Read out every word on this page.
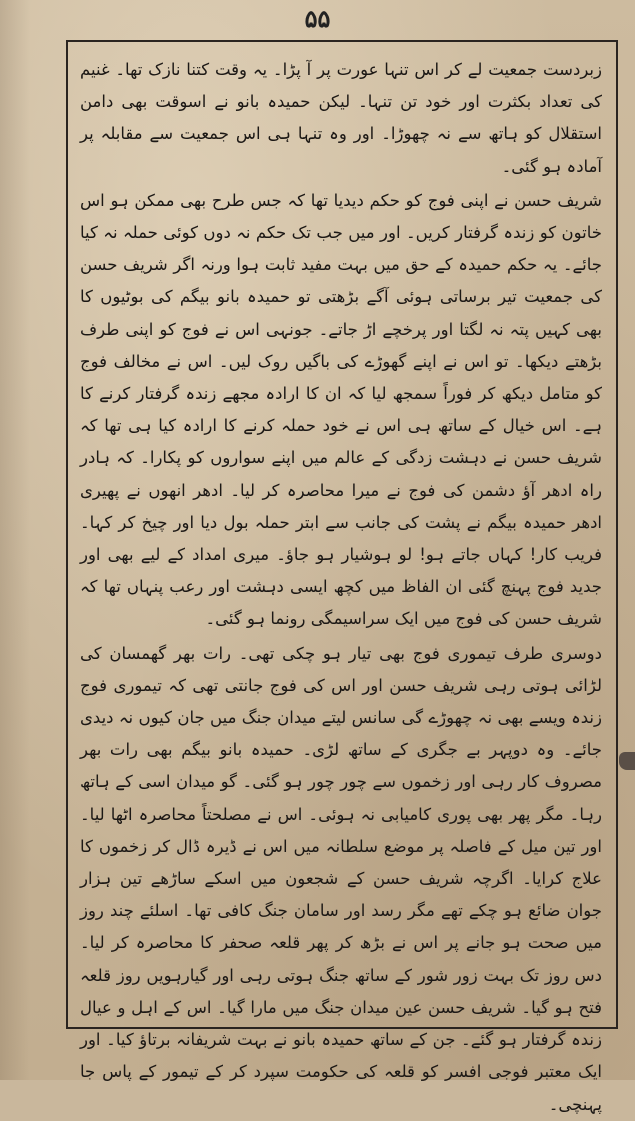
۵۵

زبردست جمعیت لے کر اس تنہا عورت پر آ پڑا۔ یہ وقت کتنا نازک تھا۔ غنیم کی تعداد بکثرت اور خود تن تنہا۔ لیکن حمیدہ بانو نے اسوقت بھی دامن استقلال کو ہاتھ سے نہ چھوڑا۔ اور وہ تنہا ہی اس جمعیت سے مقابلہ پر آمادہ ہو گئی۔

شریف حسن نے اپنی فوج کو حکم دیدیا تھا کہ جس طرح بھی ممکن ہو اس خاتون کو زندہ گرفتار کریں۔ اور میں جب تک حکم نہ دوں کوئی حملہ نہ کیا جائے۔ یہ حکم حمیدہ کے حق میں بہت مفید ثابت ہوا ورنہ اگر شریف حسن کی جمعیت تیر برساتی ہوئی آگے بڑھتی تو حمیدہ بانو بیگم کی بوٹیوں کا بھی کہیں پتہ نہ لگتا اور پرخچے اڑ جاتے۔ جونہی اس نے فوج کو اپنی طرف بڑھتے دیکھا۔ تو اس نے اپنے گھوڑے کی باگیں روک لیں۔ اس نے مخالف فوج کو متامل دیکھ کر فوراً سمجھ لیا کہ ان کا ارادہ مجھے زندہ گرفتار کرنے کا ہے۔ اس خیال کے ساتھ ہی اس نے خود حملہ کرنے کا ارادہ کیا ہی تھا کہ شریف حسن نے دہشت زدگی کے عالم میں اپنے سواروں کو پکارا۔ کہ ہادر راہ ادھر آؤ دشمن کی فوج نے میرا محاصرہ کر لیا۔ ادھر انھوں نے پھیری ادھر حمیدہ بیگم نے پشت کی جانب سے ابتر حملہ بول دیا اور چیخ کر کہا۔ فریب کار! کہاں جاتے ہو! لو ہوشیار ہو جاؤ۔ میری امداد کے لیے بھی اور جدید فوج پہنچ گئی ان الفاظ میں کچھ ایسی دہشت اور رعب پنہاں تھا کہ شریف حسن کی فوج میں ایک سراسیمگی رونما ہو گئی۔

دوسری طرف تیموری فوج بھی تیار ہو چکی تھی۔ رات بھر گھمسان کی لڑائی ہوتی رہی شریف حسن اور اس کی فوج جانتی تھی کہ تیموری فوج زندہ ویسے بھی نہ چھوڑے گی سانس لیتے میدان جنگ میں جان کیوں نہ دیدی جائے۔ وہ دوپہر بے جگری کے ساتھ لڑی۔ حمیدہ بانو بیگم بھی رات بھر مصروف کار رہی اور زخموں سے چور چور ہو گئی۔ گو میدان اسی کے ہاتھ رہا۔ مگر پھر بھی پوری کامیابی نہ ہوئی۔ اس نے مصلحتاً محاصرہ اٹھا لیا۔ اور تین میل کے فاصلہ پر موضع سلطانہ میں اس نے ڈیرہ ڈال کر زخموں کا علاج کرایا۔ اگرچہ شریف حسن کے شجعون میں اسکے ساڑھے تین ہزار جوان ضائع ہو چکے تھے مگر رسد اور سامان جنگ کافی تھا۔ اسلئے چند روز میں صحت ہو جانے پر اس نے بڑھ کر پھر قلعہ صحفر کا محاصرہ کر لیا۔ دس روز تک بہت زور شور کے ساتھ جنگ ہوتی رہی اور گیارہویں روز قلعہ فتح ہو گیا۔ شریف حسن عین میدان جنگ میں مارا گیا۔ اس کے اہل و عیال زندہ گرفتار ہو گئے۔ جن کے ساتھ حمیدہ بانو نے بہت شریفانہ برتاؤ کیا۔ اور ایک معتبر فوجی افسر کو قلعہ کی حکومت سپرد کر کے تیمور کے پاس جا پہنچی۔
